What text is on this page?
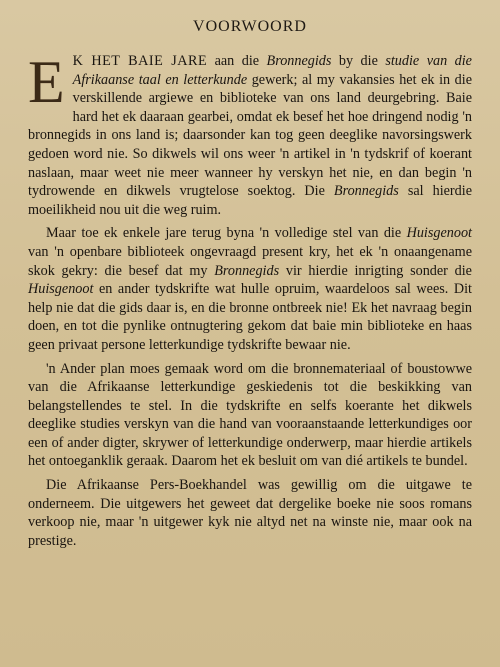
VOORWOORD

E K HET BAIE JARE aan die Bronnegids by die studie van die Afrikaanse taal en letterkunde gewerk; al my vakansies het ek in die verskillende argiewe en biblioteke van ons land deurgebring. Baie hard het ek daaraan gearbei, omdat ek besef het hoe dringend nodig 'n bronnegids in ons land is; daarsonder kan tog geen deeglike navorsingswerk gedoen word nie. So dikwels wil ons weer 'n artikel in 'n tydskrif of koerant naslaan, maar weet nie meer wanneer hy verskyn het nie, en dan begin 'n tydrowende en dikwels vrugtelose soektog. Die Bronnegids sal hierdie moeilikheid nou uit die weg ruim.

Maar toe ek enkele jare terug byna 'n volledige stel van die Huisgenoot van 'n openbare biblioteek ongevraagd present kry, het ek 'n onaangename skok gekry: die besef dat my Bronnegids vir hierdie inrigting sonder die Huisgenoot en ander tydskrifte wat hulle opruim, waardeloos sal wees. Dit help nie dat die gids daar is, en die bronne ontbreek nie! Ek het navraag begin doen, en tot die pynlike ontnugtering gekom dat baie min biblioteke en haas geen privaat persone letterkundige tydskrifte bewaar nie.

'n Ander plan moes gemaak word om die bronnemateriaal of boustowwe van die Afrikaanse letterkundige geskiedenis tot die beskikking van belangstellendes te stel. In die tydskrifte en selfs koerante het dikwels deeglike studies verskyn van die hand van vooraanstaande letterkundiges oor een of ander digter, skrywer of letterkundige onderwerp, maar hierdie artikels het ontoeganklik geraak. Daarom het ek besluit om van dié artikels te bundel.

Die Afrikaanse Pers-Boekhandel was gewillig om die uitgawe te onderneem. Die uitgewers het geweet dat dergelike boeke nie soos romans verkoop nie, maar 'n uitgewer kyk nie altyd net na winste nie, maar ook na prestige.
